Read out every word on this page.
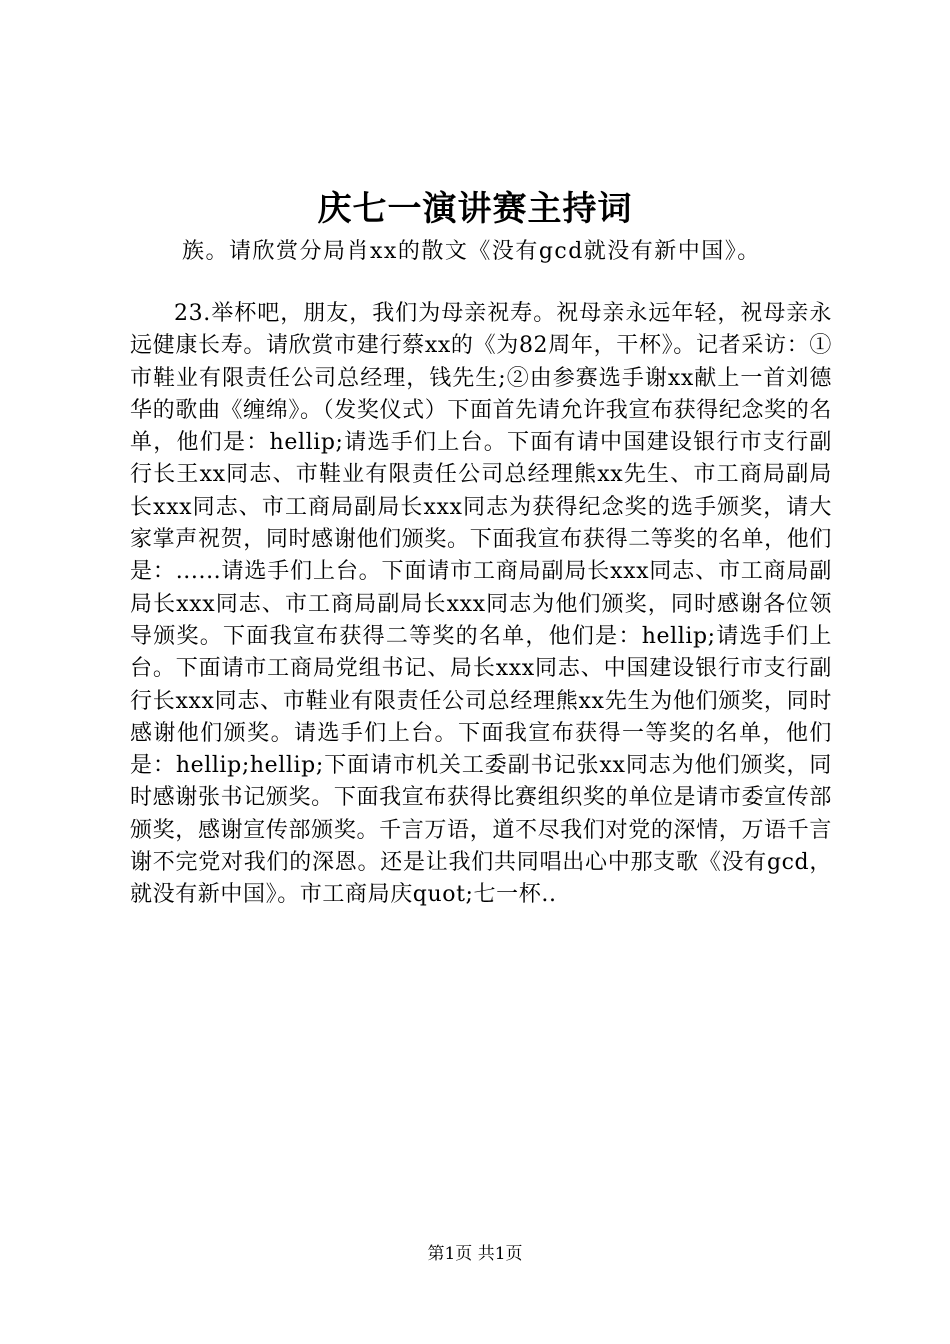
庆七一演讲赛主持词
族。请欣赏分局肖xx的散文《没有gcd就没有新中国》。
23.举杯吧，朋友，我们为母亲祝寿。祝母亲永远年轻，祝母亲永远健康长寿。请欣赏市建行蔡xx的《为82周年，干杯》。记者采访：①市鞋业有限责任公司总经理，钱先生;②由参赛选手谢xx献上一首刘德华的歌曲《缠绵》。（发奖仪式）下面首先请允许我宣布获得纪念奖的名单，他们是：hellip;请选手们上台。下面有请中国建设银行市支行副行长王xx同志、市鞋业有限责任公司总经理熊xx先生、市工商局副局长xxx同志、市工商局副局长xxx同志为获得纪念奖的选手颁奖，请大家掌声祝贺，同时感谢他们颁奖。下面我宣布获得二等奖的名单，他们是：......请选手们上台。下面请市工商局副局长xxx同志、市工商局副局长xxx同志、市工商局副局长xxx同志为他们颁奖，同时感谢各位领导颁奖。下面我宣布获得二等奖的名单，他们是：hellip;请选手们上台。下面请市工商局党组书记、局长xxx同志、中国建设银行市支行副行长xxx同志、市鞋业有限责任公司总经理熊xx先生为他们颁奖，同时感谢他们颁奖。请选手们上台。下面我宣布获得一等奖的名单，他们是：hellip;hellip;下面请市机关工委副书记张xx同志为他们颁奖，同时感谢张书记颁奖。下面我宣布获得比赛组织奖的单位是请市委宣传部颁奖，感谢宣传部颁奖。千言万语，道不尽我们对党的深情，万语千言谢不完党对我们的深恩。还是让我们共同唱出心中那支歌《没有gcd，就没有新中国》。市工商局庆quot;七一杯..
第1页 共1页
